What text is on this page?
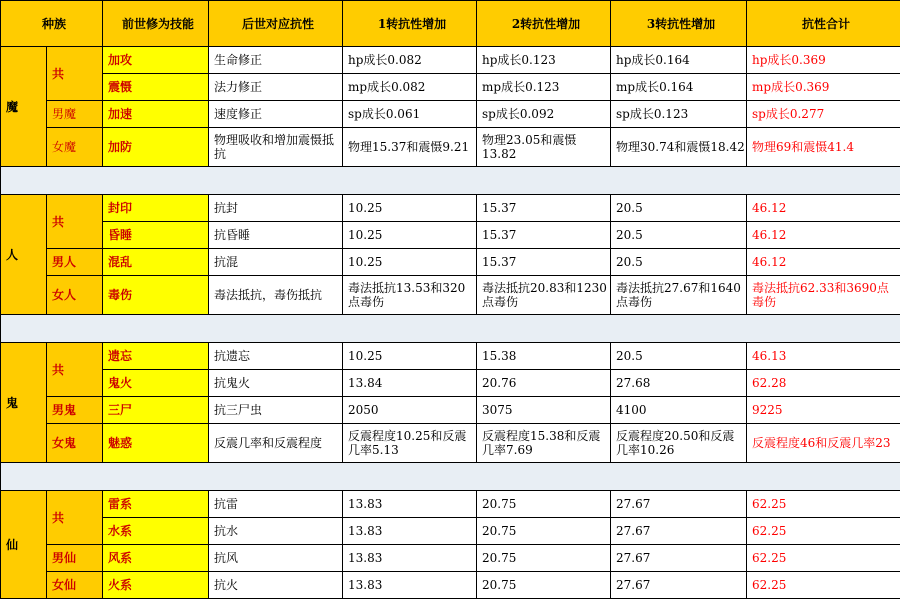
种族		前世修为技能	后世对应抗性	1转抗性增加	2转抗性增加	3转抗性增加	抗性合计
魔	共	加攻	生命修正	hp成长0.082	hp成长0.123	hp成长0.164	hp成长0.369
		震慑	法力修正	mp成长0.082	mp成长0.123	mp成长0.164	mp成长0.369
	男魔	加速	速度修正	sp成长0.061	sp成长0.092	sp成长0.123	sp成长0.277
	女魔	加防	物理吸收和增加震慑抵抗	物理15.37和震慑9.21	物理23.05和震慑13.82	物理30.74和震慑18.42	物理69和震慑41.4

人	共	封印	抗封	10.25	15.37	20.5	46.12
		昏睡	抗昏睡	10.25	15.37	20.5	46.12
	男人	混乱	抗混	10.25	15.37	20.5	46.12
	女人	毒伤	毒法抵抗，毒伤抵抗	毒法抵抗13.53和320点毒伤	毒法抵抗20.83和1230点毒伤	毒法抵抗27.67和1640点毒伤	毒法抵抗62.33和3690点毒伤

鬼	共	遗忘	抗遗忘	10.25	15.38	20.5	46.13
		鬼火	抗鬼火	13.84	20.76	27.68	62.28
	男鬼	三尸	抗三尸虫	2050	3075	4100	9225
	女鬼	魅惑	反震几率和反震程度	反震程度10.25和反震几率5.13	反震程度15.38和反震几率7.69	反震程度20.50和反震几率10.26	反震程度46和反震几率23

仙	共	雷系	抗雷	13.83	20.75	27.67	62.25
		水系	抗水	13.83	20.75	27.67	62.25
	男仙	风系	抗风	13.83	20.75	27.67	62.25
	女仙	火系	抗火	13.83	20.75	27.67	62.25
